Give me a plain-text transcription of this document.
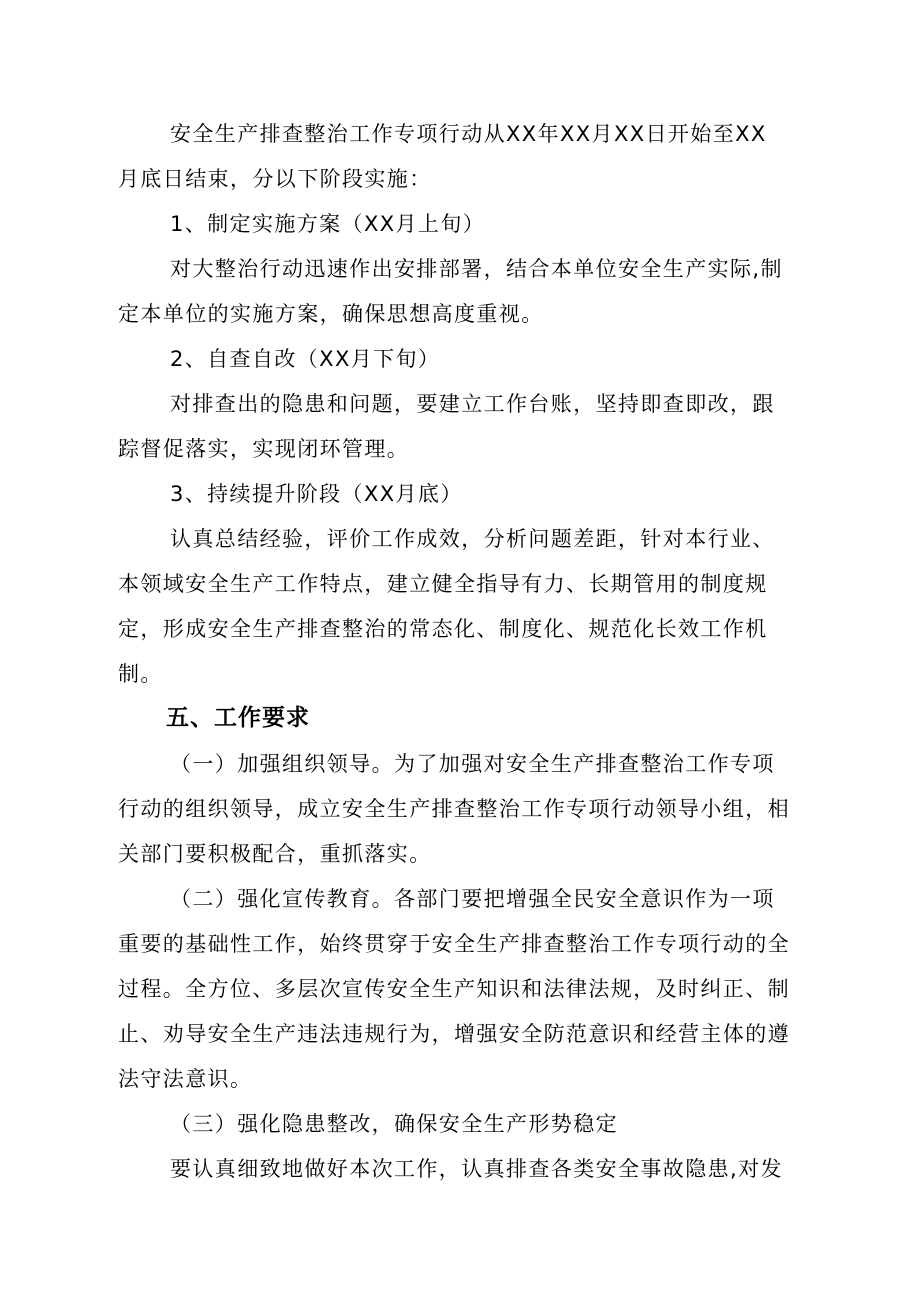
安全生产排查整治工作专项行动从XX年XX月XX日开始至XX
月底日结束，分以下阶段实施：
1、制定实施方案（XX月上旬）
对大整治行动迅速作出安排部署，结合本单位安全生产实际,制
定本单位的实施方案，确保思想高度重视。
2、自查自改（XX月下旬）
对排查出的隐患和问题，要建立工作台账，坚持即查即改，跟
踪督促落实，实现闭环管理。
3、持续提升阶段（XX月底）
认真总结经验，评价工作成效，分析问题差距，针对本行业、
本领域安全生产工作特点，建立健全指导有力、长期管用的制度规
定，形成安全生产排查整治的常态化、制度化、规范化长效工作机
制。
五、工作要求
（一）加强组织领导。为了加强对安全生产排查整治工作专项
行动的组织领导，成立安全生产排查整治工作专项行动领导小组，相
关部门要积极配合，重抓落实。
（二）强化宣传教育。各部门要把增强全民安全意识作为一项
重要的基础性工作，始终贯穿于安全生产排查整治工作专项行动的全
过程。全方位、多层次宣传安全生产知识和法律法规，及时纠正、制
止、劝导安全生产违法违规行为，增强安全防范意识和经营主体的遵
法守法意识。
（三）强化隐患整改，确保安全生产形势稳定
要认真细致地做好本次工作，认真排查各类安全事故隐患,对发
